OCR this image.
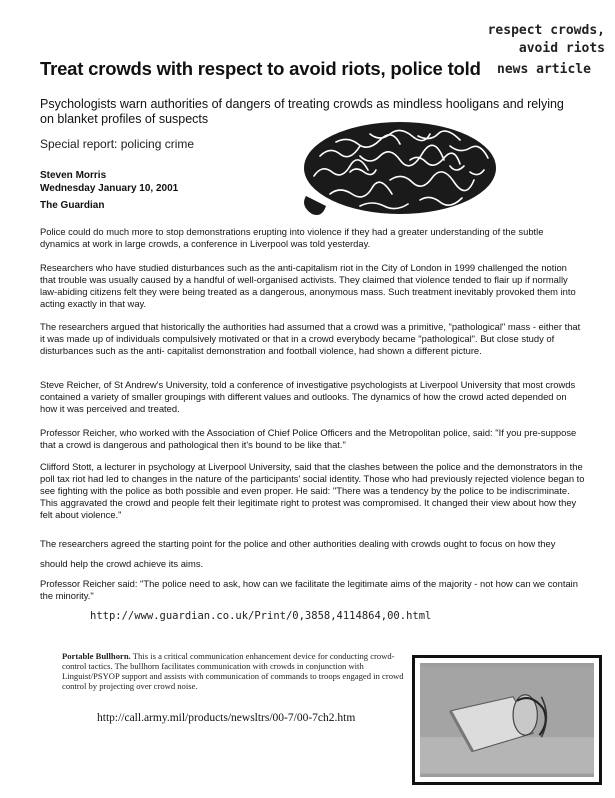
respect crowds,
avoid riots
news article
Treat crowds with respect to avoid riots, police told
Psychologists warn authorities of dangers of treating crowds as mindless hooligans and relying on blanket profiles of suspects
Special report: policing crime
Steven Morris
Wednesday January 10, 2001
The Guardian
Police could do much more to stop demonstrations erupting into violence if they had a greater understanding of the subtle dynamics at work in large crowds, a conference in Liverpool was told yesterday.
Researchers who have studied disturbances such as the anti-capitalism riot in the City of London in 1999 challenged the notion that trouble was usually caused by a handful of well-organised activists. They claimed that violence tended to flair up if normally law-abiding citizens felt they were being treated as a dangerous, anonymous mass. Such treatment inevitably provoked them into acting exactly in that way.
The researchers argued that historically the authorities had assumed that a crowd was a primitive, "pathological" mass - either that it was made up of individuals compulsively motivated or that in a crowd everybody became "pathological". But close study of disturbances such as the anti- capitalist demonstration and football violence, had shown a different picture.
Steve Reicher, of St Andrew's University, told a conference of investigative psychologists at Liverpool University that most crowds contained a variety of smaller groupings with different values and outlooks. The dynamics of how the crowd acted depended on how it was perceived and treated.
Professor Reicher, who worked with the Association of Chief Police Officers and the Metropolitan police, said: "If you pre-suppose that a crowd is dangerous and pathological then it's bound to be like that."
Clifford Stott, a lecturer in psychology at Liverpool University, said that the clashes between the police and the demonstrators in the poll tax riot had led to changes in the nature of the participants' social identity. Those who had previously rejected violence began to see fighting with the police as both possible and even proper. He said: "There was a tendency by the police to be indiscriminate. This aggravated the crowd and people felt their legitimate right to protest was compromised. It changed their view about how they felt about violence."
The researchers agreed the starting point for the police and other authorities dealing with crowds ought to focus on how they should help the crowd achieve its aims.
Professor Reicher said: "The police need to ask, how can we facilitate the legitimate aims of the majority - not how can we contain the minority."
http://www.guardian.co.uk/Print/0,3858,4114864,00.html
Portable Bullhorn. This is a critical communication enhancement device for conducting crowd-control tactics. The bullhorn facilitates communication with crowds in conjunction with Linguist/PSYOP support and assists with communication of commands to troops engaged in crowd control by projecting over crowd noise.
http://call.army.mil/products/newsltrs/00-7/00-7ch2.htm
